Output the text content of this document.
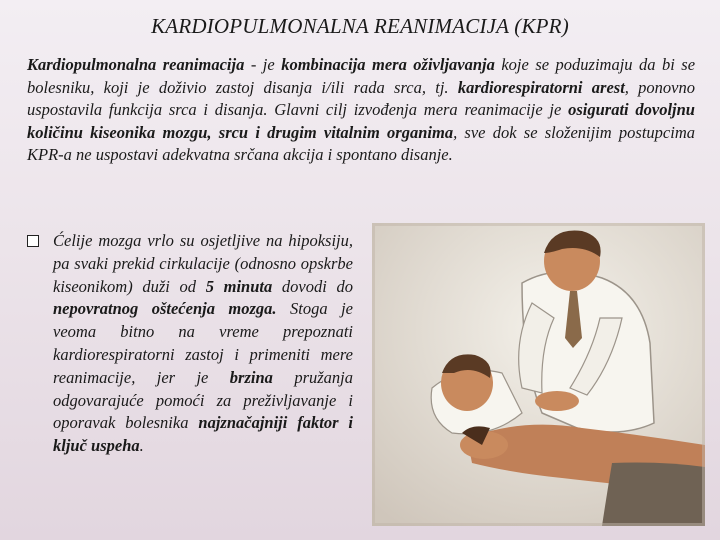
KARDIOPULMONALNA REANIMACIJA (KPR)
Kardiopulmonalna reanimacija - je kombinacija mera oživljavanja koje se poduzimaju da bi se bolesniku, koji je doživio zastoj disanja i/ili rada srca, tj. kardiorespiratorni arest, ponovno uspostavila funkcija srca i disanja. Glavni cilj izvođenja mera reanimacije je osigurati dovoljnu količinu kiseonika mozgu, srcu i drugim vitalnim organima, sve dok se složenijim postupcima KPR-a ne uspostavi adekvatna srčana akcija i spontano disanje.
Ćelije mozga vrlo su osjetljive na hipoksiju, pa svaki prekid cirkulacije (odnosno opskrbe kiseonikom) duži od 5 minuta dovodi do nepovratnog oštećenja mozga. Stoga je veoma bitno na vreme prepoznati kardiorespiratorni zastoj i primeniti mere reanimacije, jer je brzina pružanja odgovarajuće pomoći za preživljavanje i oporavak bolesnika najznačajniji faktor i ključ uspeha.
